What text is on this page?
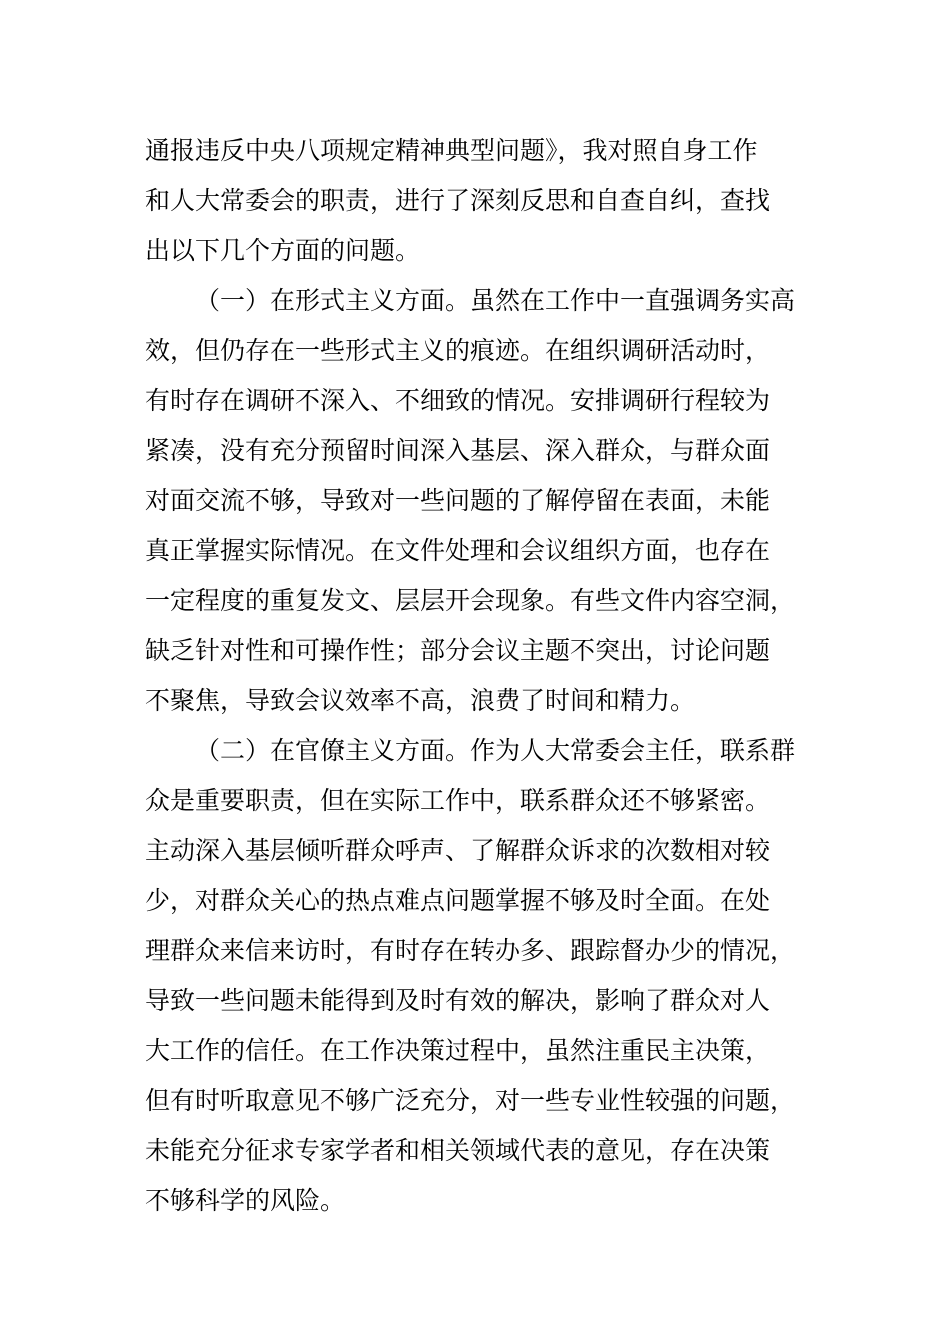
通报违反中央八项规定精神典型问题》，我对照自身工作
和人大常委会的职责，进行了深刻反思和自查自纠，查找
出以下几个方面的问题。
（一）在形式主义方面。虽然在工作中一直强调务实高
效，但仍存在一些形式主义的痕迹。在组织调研活动时，
有时存在调研不深入、不细致的情况。安排调研行程较为
紧凑，没有充分预留时间深入基层、深入群众，与群众面
对面交流不够，导致对一些问题的了解停留在表面，未能
真正掌握实际情况。在文件处理和会议组织方面，也存在
一定程度的重复发文、层层开会现象。有些文件内容空洞，
缺乏针对性和可操作性；部分会议主题不突出，讨论问题
不聚焦，导致会议效率不高，浪费了时间和精力。
（二）在官僚主义方面。作为人大常委会主任，联系群
众是重要职责，但在实际工作中，联系群众还不够紧密。
主动深入基层倾听群众呼声、了解群众诉求的次数相对较
少，对群众关心的热点难点问题掌握不够及时全面。在处
理群众来信来访时，有时存在转办多、跟踪督办少的情况，
导致一些问题未能得到及时有效的解决，影响了群众对人
大工作的信任。在工作决策过程中，虽然注重民主决策，
但有时听取意见不够广泛充分，对一些专业性较强的问题，
未能充分征求专家学者和相关领域代表的意见，存在决策
不够科学的风险。
